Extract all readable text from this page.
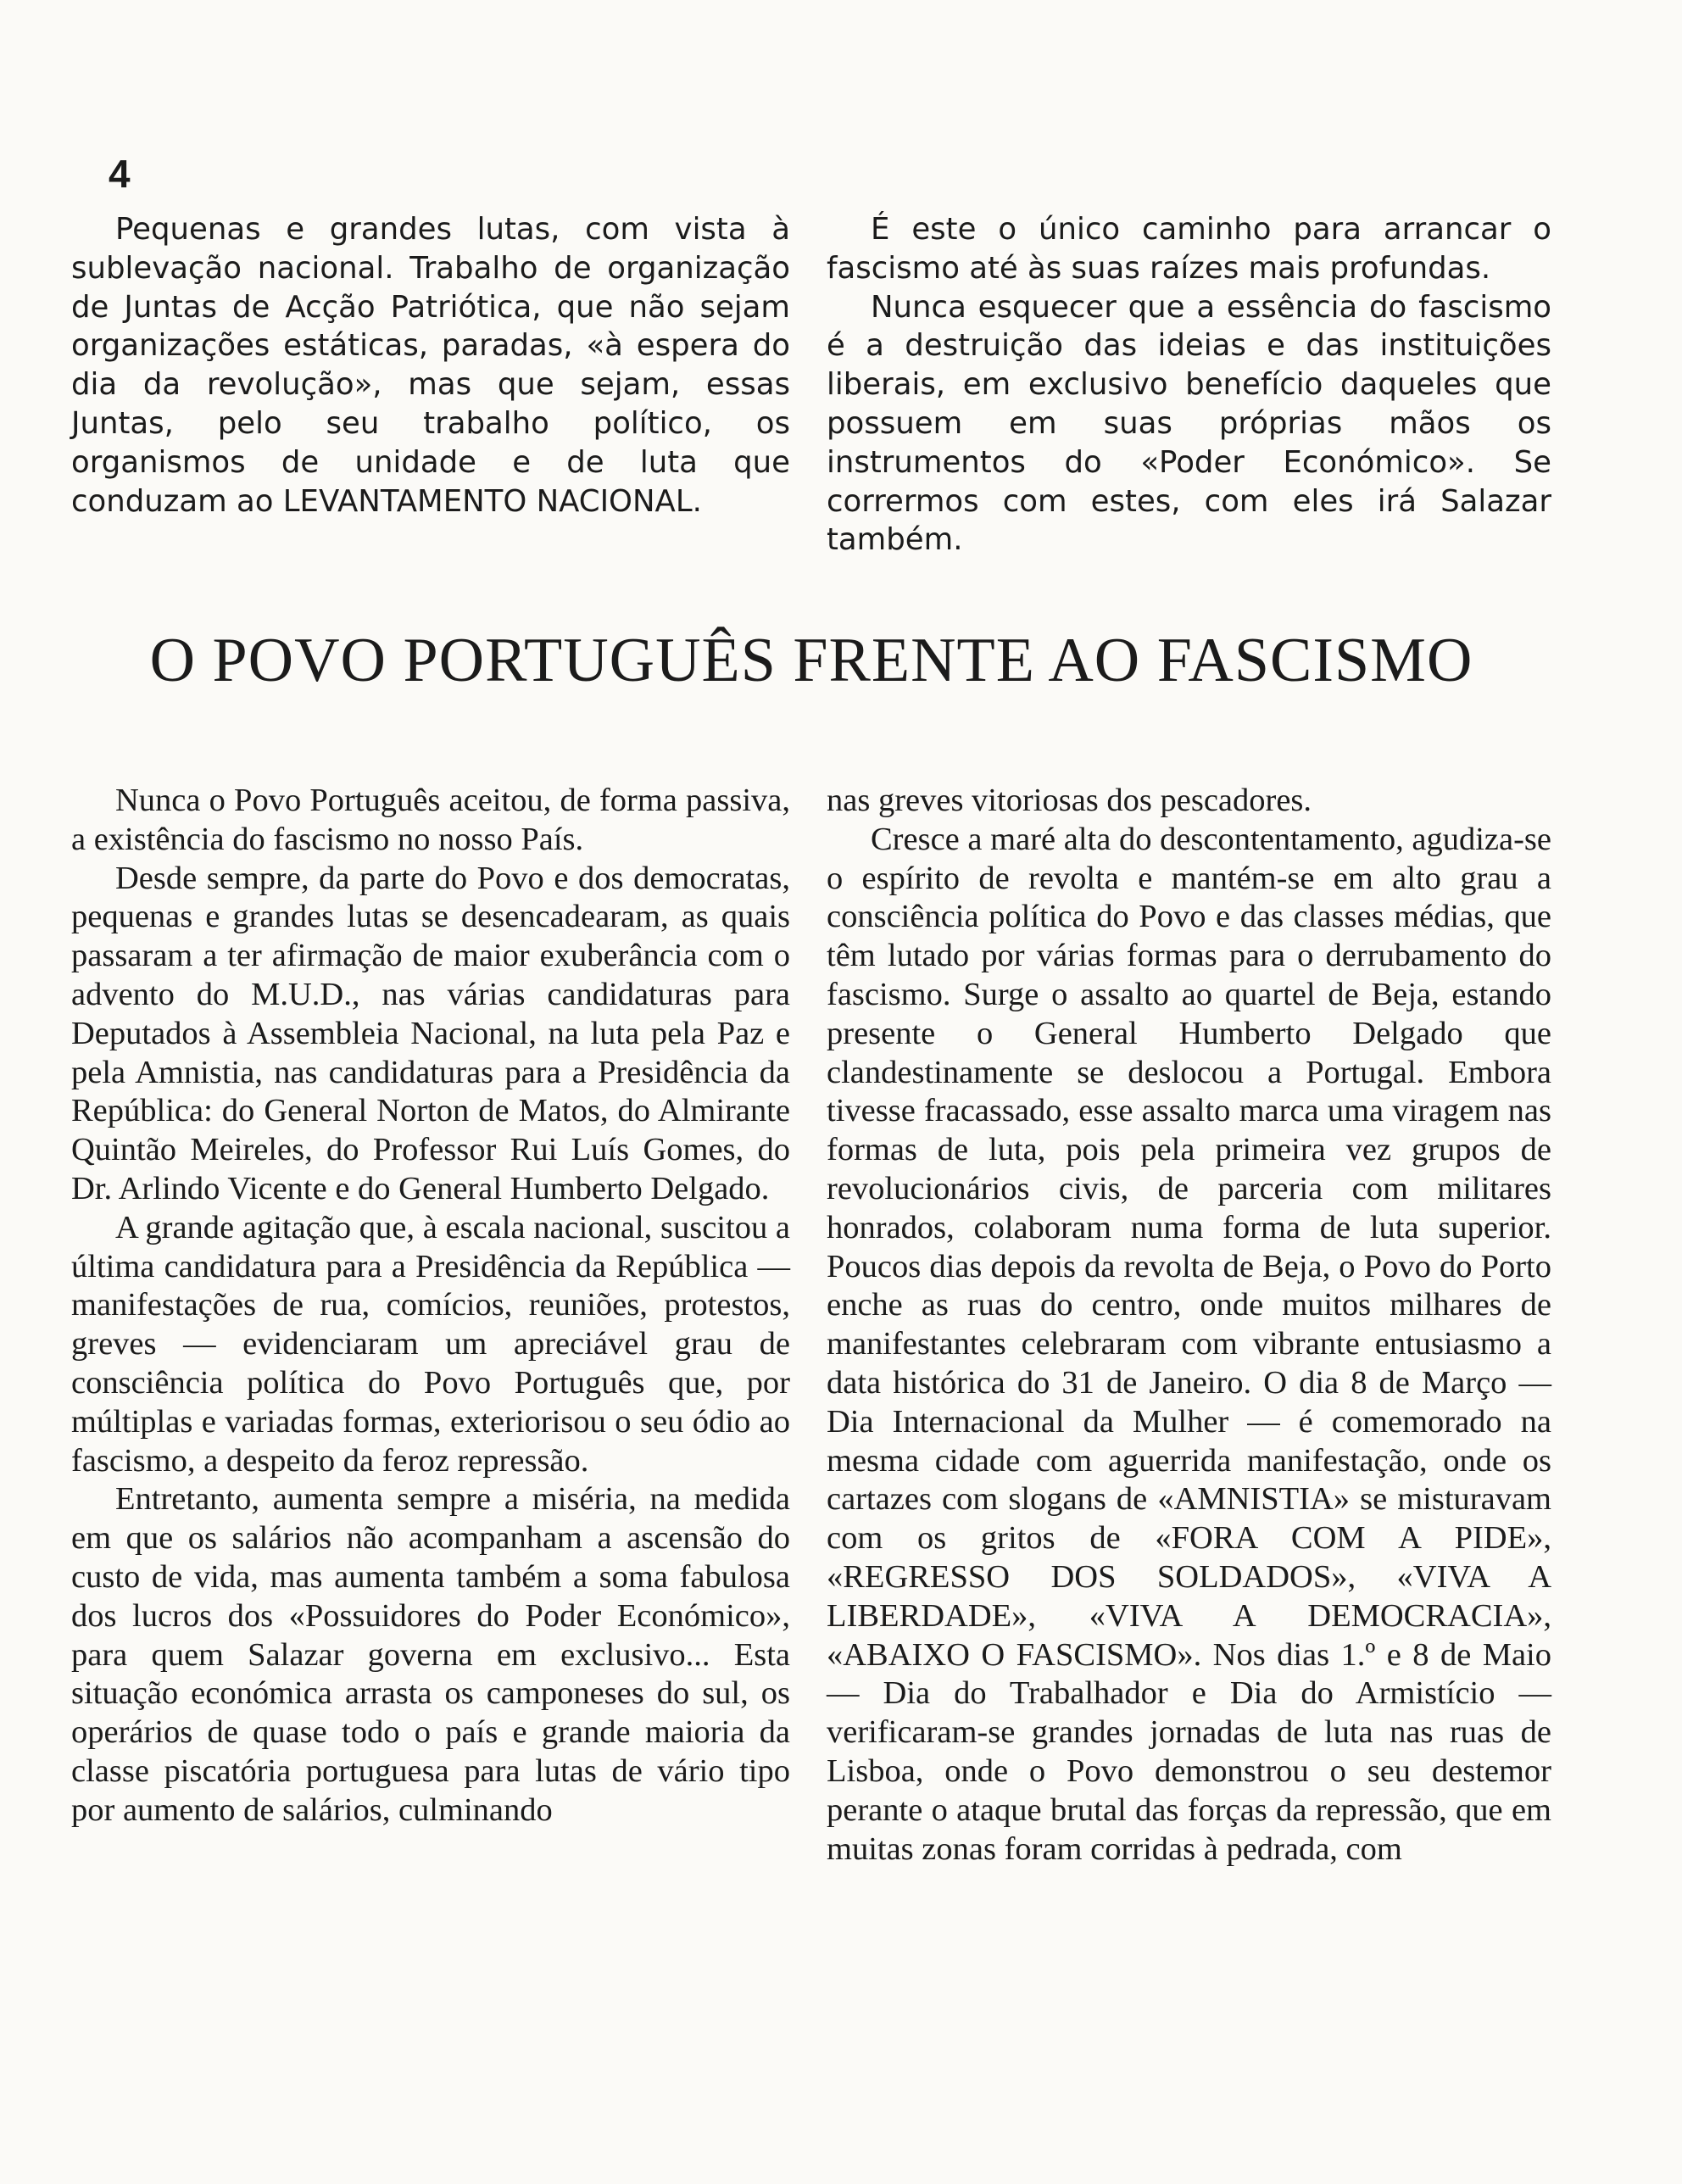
4

Pequenas e grandes lutas, com vista à sublevação nacional. Trabalho de organização de Juntas de Acção Patriótica, que não sejam organizações estáticas, paradas, «à espera do dia da revolução», mas que sejam, essas Juntas, pelo seu trabalho político, os organismos de unidade e de luta que conduzam ao LEVANTAMENTO NACIONAL.

É este o único caminho para arrancar o fascismo até às suas raízes mais profundas.

Nunca esquecer que a essência do fascismo é a destruição das ideias e das instituições liberais, em exclusivo benefício daqueles que possuem em suas próprias mãos os instrumentos do «Poder Económico». Se corrermos com estes, com eles irá Salazar também.

O POVO PORTUGUÊS FRENTE AO FASCISMO

Nunca o Povo Português aceitou, de forma passiva, a existência do fascismo no nosso País.

Desde sempre, da parte do Povo e dos democratas, pequenas e grandes lutas se desencadearam, as quais passaram a ter afirmação de maior exuberância com o advento do M.U.D., nas várias candidaturas para Deputados à Assembleia Nacional, na luta pela Paz e pela Amnistia, nas candidaturas para a Presidência da República: do General Norton de Matos, do Almirante Quintão Meireles, do Professor Rui Luís Gomes, do Dr. Arlindo Vicente e do General Humberto Delgado.

A grande agitação que, à escala nacional, suscitou a última candidatura para a Presidência da República — manifestações de rua, comícios, reuniões, protestos, greves — evidenciaram um apreciável grau de consciência política do Povo Português que, por múltiplas e variadas formas, exteriorisou o seu ódio ao fascismo, a despeito da feroz repressão.

Entretanto, aumenta sempre a miséria, na medida em que os salários não acompanham a ascensão do custo de vida, mas aumenta também a soma fabulosa dos lucros dos «Possuidores do Poder Económico», para quem Salazar governa em exclusivo... Esta situação económica arrasta os camponeses do sul, os operários de quase todo o país e grande maioria da classe piscatória portuguesa para lutas de vário tipo por aumento de salários, culminando

nas greves vitoriosas dos pescadores.

Cresce a maré alta do descontentamento, agudiza-se o espírito de revolta e mantém-se em alto grau a consciência política do Povo e das classes médias, que têm lutado por várias formas para o derrubamento do fascismo. Surge o assalto ao quartel de Beja, estando presente o General Humberto Delgado que clandestinamente se deslocou a Portugal. Embora tivesse fracassado, esse assalto marca uma viragem nas formas de luta, pois pela primeira vez grupos de revolucionários civis, de parceria com militares honrados, colaboram numa forma de luta superior. Poucos dias depois da revolta de Beja, o Povo do Porto enche as ruas do centro, onde muitos milhares de manifestantes celebraram com vibrante entusiasmo a data histórica do 31 de Janeiro. O dia 8 de Março — Dia Internacional da Mulher — é comemorado na mesma cidade com aguerrida manifestação, onde os cartazes com slogans de «AMNISTIA» se misturavam com os gritos de «FORA COM A PIDE», «REGRESSO DOS SOLDADOS», «VIVA A LIBERDADE», «VIVA A DEMOCRACIA», «ABAIXO O FASCISMO». Nos dias 1.º e 8 de Maio — Dia do Trabalhador e Dia do Armistício — verificaram-se grandes jornadas de luta nas ruas de Lisboa, onde o Povo demonstrou o seu destemor perante o ataque brutal das forças da repressão, que em muitas zonas foram corridas à pedrada, com
